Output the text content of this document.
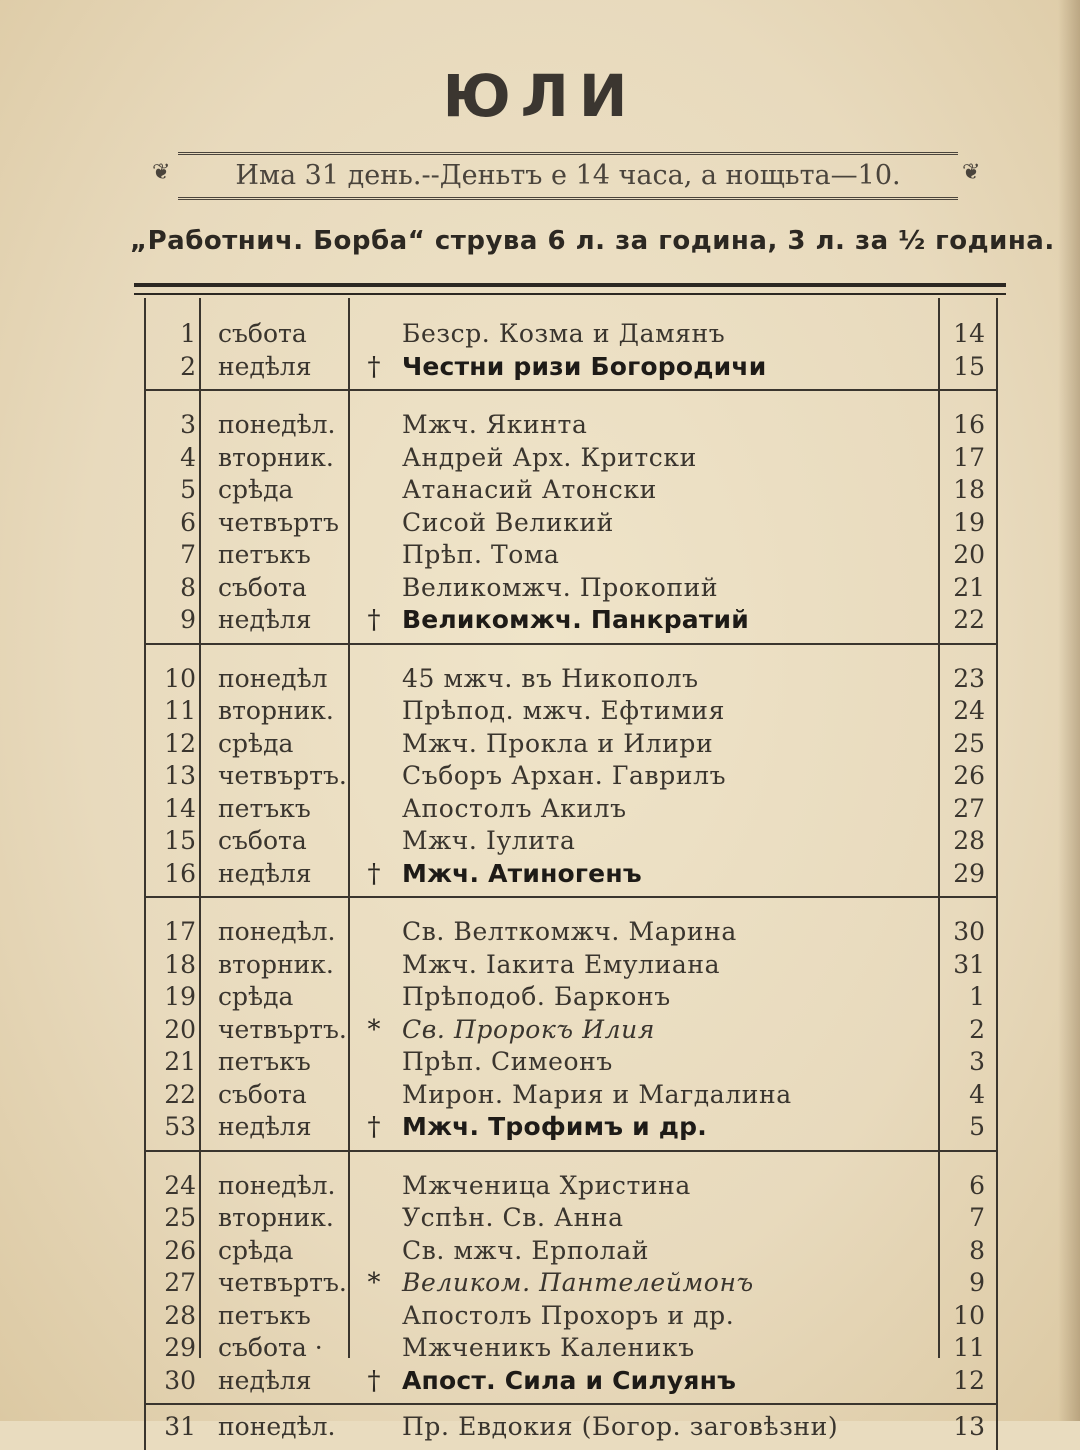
ЮЛИ
❦	Има 31 день.--Деньтъ е 14 часа, а нощьта—10.	❦
„Работнич. Борба“ струва 6 л. за година, 3 л. за ½ година.
1 съботa	Безср. Козма и Дамянъ	14
2 недѣля	† Честни ризи Богородичи	15
3 понедѣл.	Мжч. Якинта	16
4 вторник.	Андрей Арх. Критски	17
5 срѣда	Атанасий Атонски	18
6 четвъртъ	Сисой Великий	19
7 петъкъ	Прѣп. Тома	20
8 съботa	Великомжч. Прокопий	21
9 недѣля	† Великомжч. Панкратий	22
10 понедѣл	45 мжч. въ Никополъ	23
11 вторник.	Прѣпод. мжч. Ефтимия	24
12 срѣда	Мжч. Прокла и Илири	25
13 четвъртъ.	Съборъ Архан. Гаврилъ	26
14 петъкъ	Апостолъ Акилъ	27
15 съботa	Мжч. Іулита	28
16 недѣля	† Мжч. Атиногенъ	29
17 понедѣл.	Св. Велткомжч. Марина	30
18 вторник.	Мжч. Іакита Емулиана	31
19 срѣда	Прѣподоб. Барконъ	1
20 четвъртъ. * Св. Пророкъ Илия	2
21 петъкъ	Прѣп. Симеонъ	3
22 съботa	Мирон. Мария и Магдалина	4
53 недѣля	† Мжч. Трофимъ и др.	5
24 понедѣл.	Мжченица Христина	6
25 вторник.	Успѣн. Св. Анна	7
26 срѣда	Св. мжч. Ерполай	8
27 четвъртъ. * Великом. Пантелеймонъ	9
28 петъкъ	Апостолъ Прохоръ и др.	10
29 съботa ·	Мжченикъ Каленикъ	11
30 недѣля	† Апост. Сила и Силуянъ	12
31 понедѣл.	Пр. Евдокия (Богор. заговѣзни)	13
